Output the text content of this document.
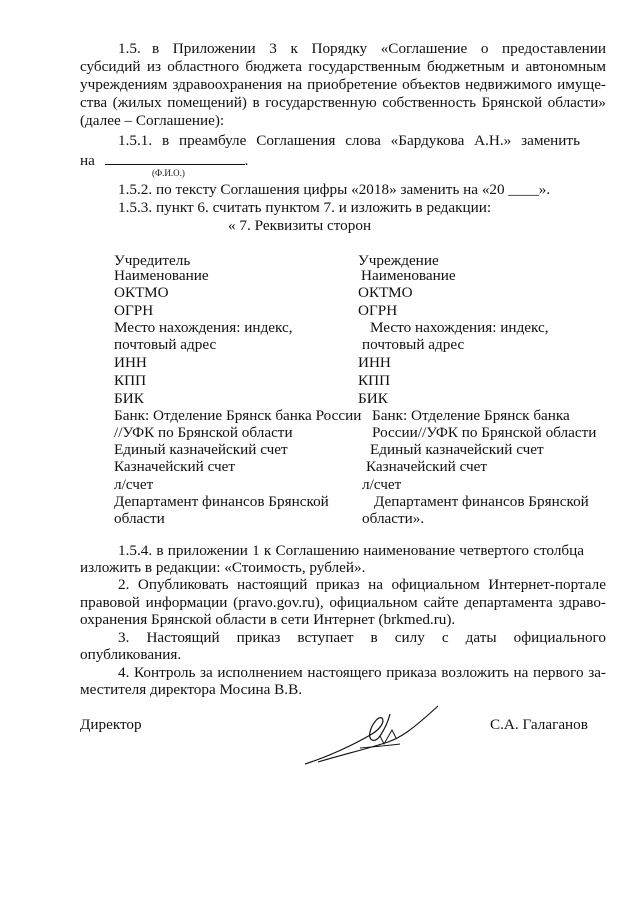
1.5. в Приложении 3 к Порядку «Соглашение о предоставлении
субсидий из областного бюджета государственным бюджетным и автономным
учреждениям здравоохранения на приобретение объектов недвижимого имуще-
ства (жилых помещений) в государственную собственность Брянской области»
(далее – Соглашение):
1.5.1. в преамбуле Соглашения слова «Бардукова А.Н.» заменить
на	.
(Ф.И.О.)
1.5.2. по тексту Соглашения цифры «2018» заменить на «20 ____».
1.5.3. пункт 6. считать пунктом 7. и изложить в редакции:
« 7. Реквизиты сторон
Учредитель
Наименование
ОКТМО
ОГРН
Место нахождения: индекс,
почтовый адрес
ИНН
КПП
БИК
Банк: Отделение Брянск банка России
//УФК по Брянской области
Единый казначейский счет
Казначейский счет
л/счет
Департамент финансов Брянской
области
Учреждение
Наименование
ОКТМО
ОГРН
Место нахождения: индекс,
почтовый адрес
ИНН
КПП
БИК
Банк: Отделение Брянск банка
России//УФК по Брянской области
Единый казначейский счет
Казначейский счет
л/счет
Департамент финансов Брянской
области».
1.5.4. в приложении 1 к Соглашению наименование четвертого столбца
изложить в редакции: «Стоимость, рублей».
2. Опубликовать настоящий приказ на официальном Интернет-портале
правовой информации (pravo.gov.ru), официальном сайте департамента здраво-
охранения Брянской области в сети Интернет (brkmed.ru).
3. Настоящий приказ вступает в силу с даты официального
опубликования.
4. Контроль за исполнением настоящего приказа возложить на первого за-
местителя директора Мосина В.В.
Директор	С.А. Галаганов
